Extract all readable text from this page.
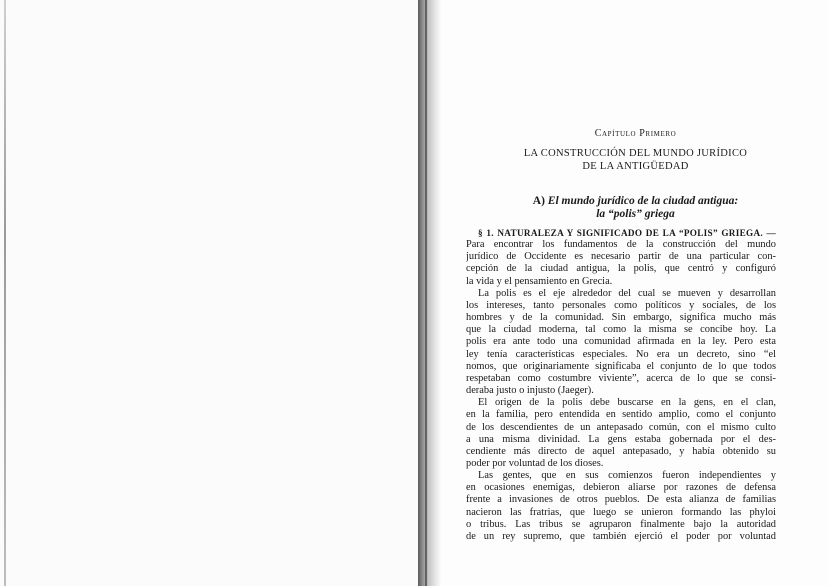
Capítulo Primero
LA CONSTRUCCIÓN DEL MUNDO JURÍDICO
DE LA ANTIGÜEDAD
A) El mundo jurídico de la ciudad antigua:
la “polis” griega
§ 1. NATURALEZA Y SIGNIFICADO DE LA “POLIS” GRIEGA. —
Para encontrar los fundamentos de la construcción del mundo
jurídico de Occidente es necesario partir de una particular con-
cepción de la ciudad antigua, la polis, que centró y configuró
la vida y el pensamiento en Grecia.
La polis es el eje alrededor del cual se mueven y desarrollan
los intereses, tanto personales como políticos y sociales, de los
hombres y de la comunidad. Sin embargo, significa mucho más
que la ciudad moderna, tal como la misma se concibe hoy. La
polis era ante todo una comunidad afirmada en la ley. Pero esta
ley tenía características especiales. No era un decreto, sino “el
nomos, que originariamente significaba el conjunto de lo que todos
respetaban como costumbre viviente”, acerca de lo que se consi-
deraba justo o injusto (Jaeger).
El origen de la polis debe buscarse en la gens, en el clan,
en la familia, pero entendida en sentido amplio, como el conjunto
de los descendientes de un antepasado común, con el mismo culto
a una misma divinidad. La gens estaba gobernada por el des-
cendiente más directo de aquel antepasado, y había obtenido su
poder por voluntad de los dioses.
Las gentes, que en sus comienzos fueron independientes y
en ocasiones enemigas, debieron aliarse por razones de defensa
frente a invasiones de otros pueblos. De esta alianza de familias
nacieron las fratrias, que luego se unieron formando las phyloi
o tribus. Las tribus se agruparon finalmente bajo la autoridad
de un rey supremo, que también ejerció el poder por voluntad
